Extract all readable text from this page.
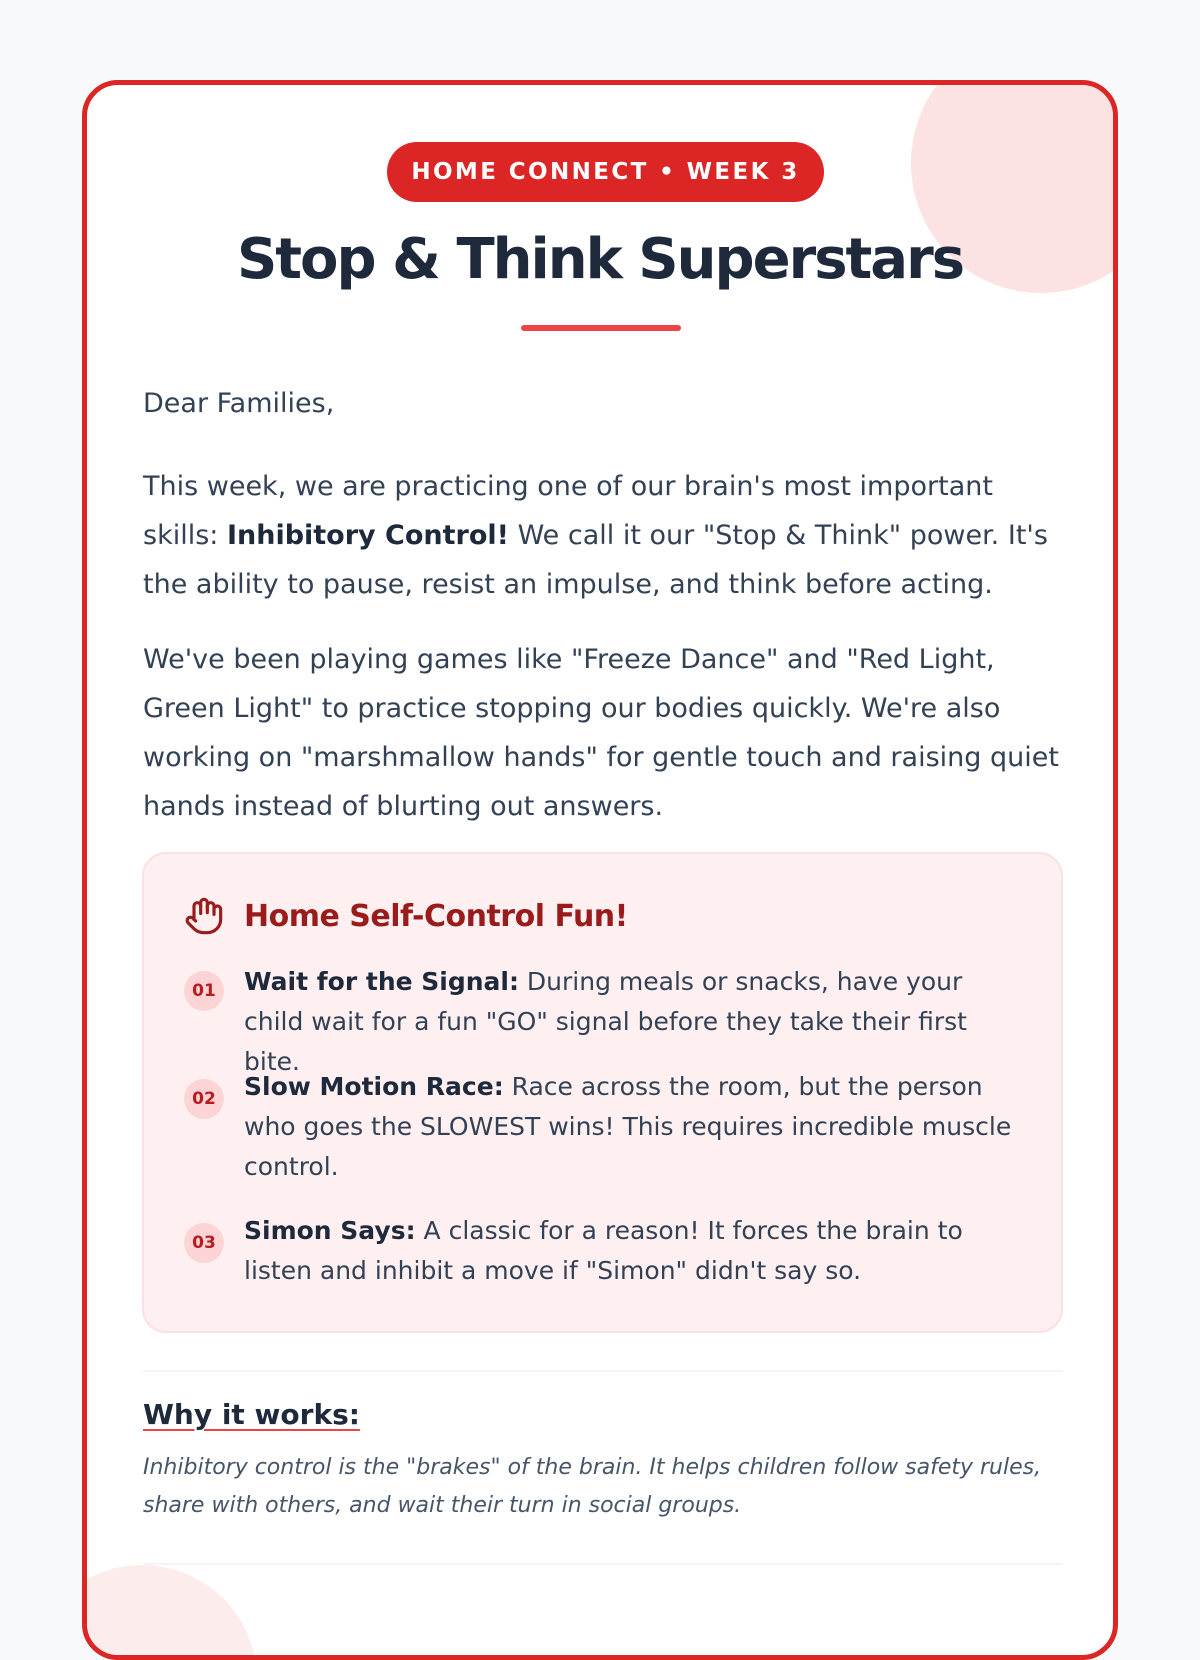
HOME CONNECT • WEEK 3
Stop & Think Superstars

Dear Families,

This week, we are practicing one of our brain's most important skills: Inhibitory Control! We call it our "Stop & Think" power. It's the ability to pause, resist an impulse, and think before acting.

We've been playing games like "Freeze Dance" and "Red Light, Green Light" to practice stopping our bodies quickly. We're also working on "marshmallow hands" for gentle touch and raising quiet hands instead of blurting out answers.

Home Self-Control Fun!
01	Wait for the Signal: During meals or snacks, have your child wait for a fun "GO" signal before they take their first bite.
02	Slow Motion Race: Race across the room, but the person who goes the SLOWEST wins! This requires incredible muscle control.
03	Simon Says: A classic for a reason! It forces the brain to listen and inhibit a move if "Simon" didn't say so.
Why it works:

Inhibitory control is the "brakes" of the brain. It helps children follow safety rules, share with others, and wait their turn in social groups.
